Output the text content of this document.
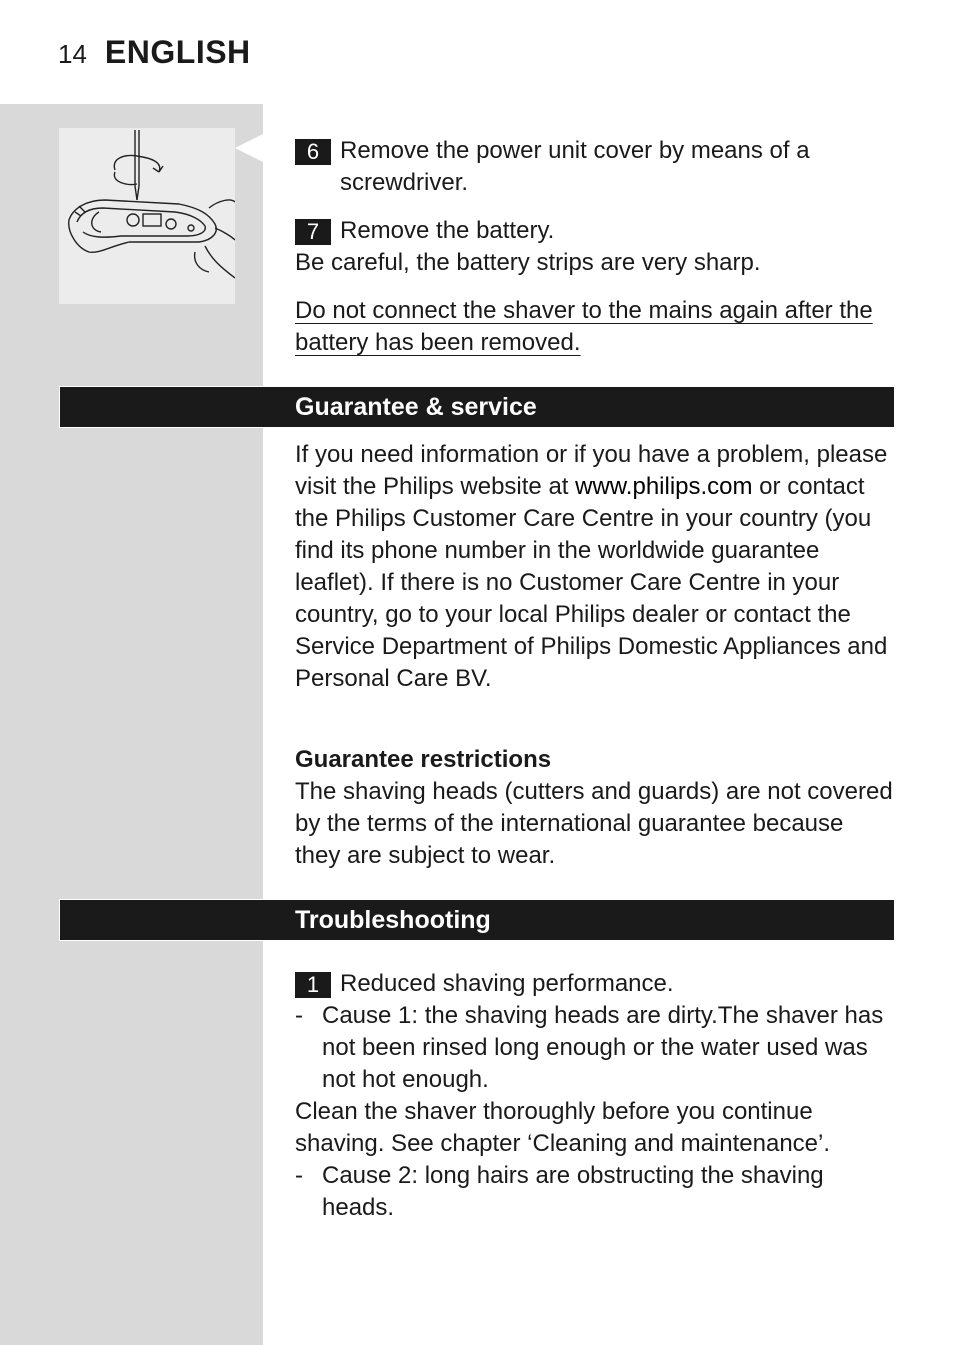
14 ENGLISH
6 Remove the power unit cover by means of a screwdriver.
7 Remove the battery.
Be careful, the battery strips are very sharp.
Do not connect the shaver to the mains again after the battery has been removed.
Guarantee & service
If you need information or if you have a problem, please visit the Philips website at www.philips.com or contact the Philips Customer Care Centre in your country (you find its phone number in the worldwide guarantee leaflet). If there is no Customer Care Centre in your country, go to your local Philips dealer or contact the Service Department of Philips Domestic Appliances and Personal Care BV.
Guarantee restrictions
The shaving heads (cutters and guards) are not covered by the terms of the international guarantee because they are subject to wear.
Troubleshooting
1 Reduced shaving performance.
- Cause 1: the shaving heads are dirty.The shaver has not been rinsed long enough or the water used was not hot enough.
Clean the shaver thoroughly before you continue shaving. See chapter ‘Cleaning and maintenance’.
- Cause 2: long hairs are obstructing the shaving heads.
